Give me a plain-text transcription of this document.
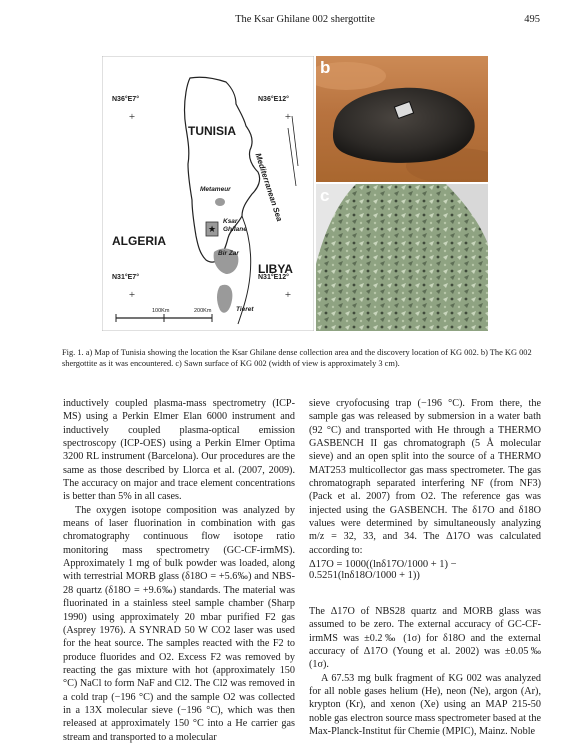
The Ksar Ghilane 002 shergottite	495
★
+	+
+	+
N36°E7°	N36°E12°
N31°E7°	N31°E12°
TUNISIA
ALGERIA
LIBYA
Mediterranean Sea
Metameur
Ksar
Ghilane
Bir Zar
Tieret
100Km	200Km
a b
c
Fig. 1. a) Map of Tunisia showing the location the Ksar Ghilane dense collection area and the discovery location of KG 002. b) The KG 002 shergottite as it was encountered. c) Sawn surface of KG 002 (width of view is approximately 3 cm).

inductively coupled plasma-mass spectrometry (ICP-MS) using a Perkin Elmer Elan 6000 instrument and inductively coupled plasma-optical emission spectroscopy (ICP-OES) using a Perkin Elmer Optima 3200 RL instrument (Barcelona). Our procedures are the same as those described by Llorca et al. (2007, 2009). The accuracy on major and trace element concentrations is better than 5% in all cases.

The oxygen isotope composition was analyzed by means of laser fluorination in combination with gas chromatography continuous flow isotope ratio monitoring mass spectrometry (GC-CF-irmMS). Approximately 1 mg of bulk powder was loaded, along with terrestrial MORB glass (δ18O = +5.6‰) and NBS-28 quartz (δ18O = +9.6‰) standards. The material was fluorinated in a stainless steel sample chamber (Sharp 1990) using approximately 20 mbar purified F2 gas (Asprey 1976). A SYNRAD 50 W CO2 laser was used for the heat source. The samples reacted with the F2 to produce fluorides and O2. Excess F2 was removed by reacting the gas mixture with hot (approximately 150 °C) NaCl to form NaF and Cl2. The Cl2 was removed in a cold trap (−196 °C) and the sample O2 was collected in a 13X molecular sieve (−196 °C), which was then released at approximately 150 °C into a He carrier gas stream and transported to a molecular

sieve cryofocusing trap (−196 °C). From there, the sample gas was released by submersion in a water bath (92 °C) and transported with He through a THERMO GASBENCH II gas chromatograph (5 Å molecular sieve) and an open split into the source of a THERMO MAT253 multicollector gas mass spectrometer. The gas chromatograph separated interfering NF (from NF3) (Pack et al. 2007) from O2. The reference gas was injected using the GASBENCH. The δ17O and δ18O values were determined by simultaneously analyzing m/z = 32, 33, and 34. The Δ17O was calculated according to:

Δ17O = 1000((lnδ17O/1000 + 1) − 0.5251(lnδ18O/1000 + 1))

The Δ17O of NBS28 quartz and MORB glass was assumed to be zero. The external accuracy of GC-CF-irmMS was ±0.2‰ (1σ) for δ18O and the external accuracy of Δ17O (Young et al. 2002) was ±0.05‰ (1σ).

A 67.53 mg bulk fragment of KG 002 was analyzed for all noble gases helium (He), neon (Ne), argon (Ar), krypton (Kr), and xenon (Xe) using an MAP 215-50 noble gas electron source mass spectrometer based at the Max-Planck-Institut für Chemie (MPIC), Mainz. Noble
